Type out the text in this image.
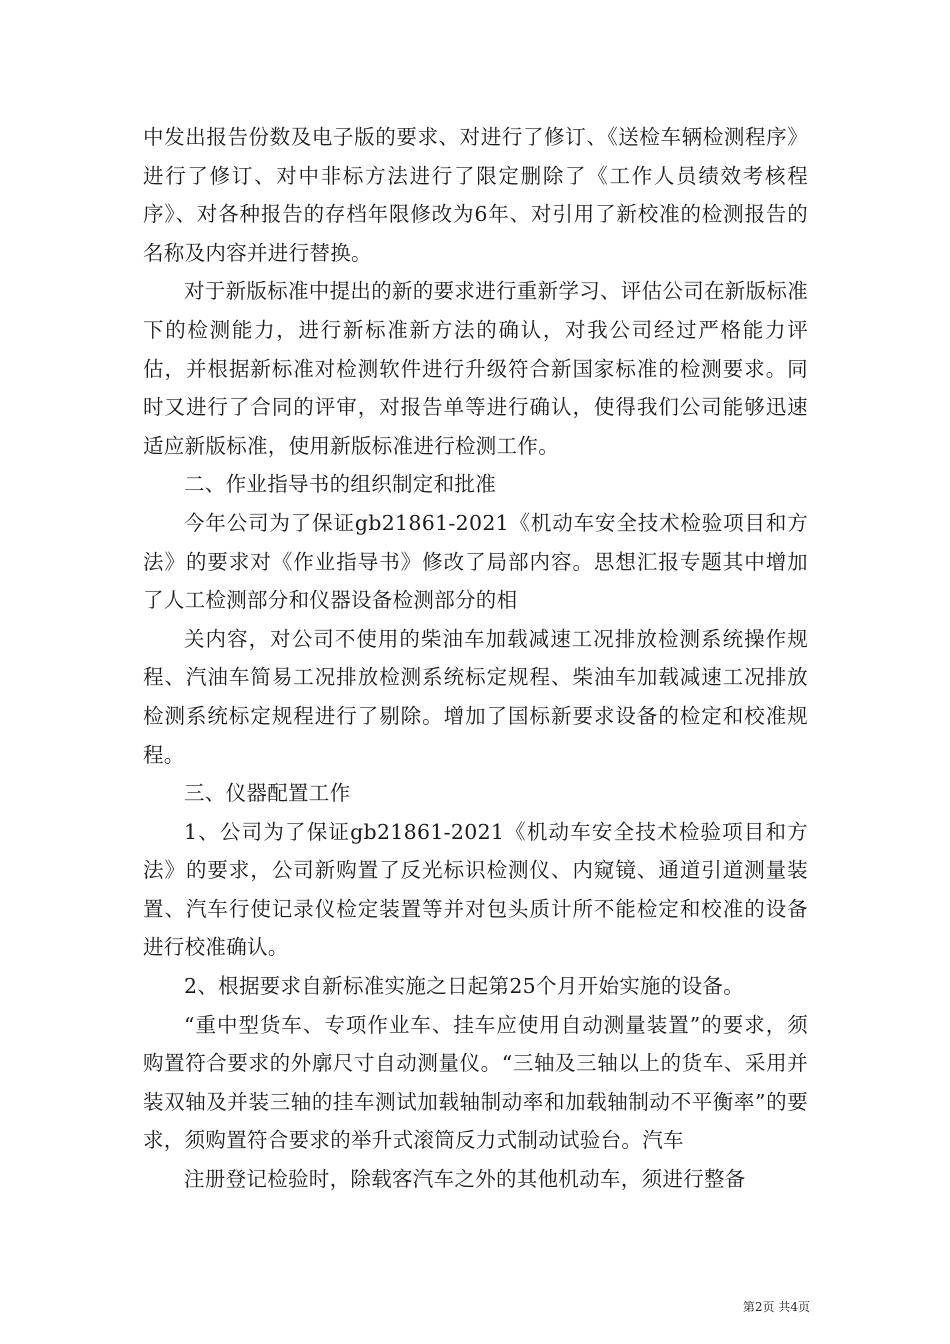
中发出报告份数及电子版的要求、对进行了修订、《送检车辆检测程序》进行了修订、对中非标方法进行了限定删除了《工作人员绩效考核程序》、对各种报告的存档年限修改为6年、对引用了新校准的检测报告的名称及内容并进行替换。

对于新版标准中提出的新的要求进行重新学习、评估公司在新版标准下的检测能力，进行新标准新方法的确认，对我公司经过严格能力评估，并根据新标准对检测软件进行升级符合新国家标准的检测要求。同时又进行了合同的评审，对报告单等进行确认，使得我们公司能够迅速适应新版标准，使用新版标准进行检测工作。

二、作业指导书的组织制定和批准

今年公司为了保证gb21861-2021《机动车安全技术检验项目和方法》的要求对《作业指导书》修改了局部内容。思想汇报专题其中增加了人工检测部分和仪器设备检测部分的相

关内容，对公司不使用的柴油车加载减速工况排放检测系统操作规程、汽油车简易工况排放检测系统标定规程、柴油车加载减速工况排放检测系统标定规程进行了剔除。增加了国标新要求设备的检定和校准规程。

三、仪器配置工作

1、公司为了保证gb21861-2021《机动车安全技术检验项目和方法》的要求，公司新购置了反光标识检测仪、内窥镜、通道引道测量装置、汽车行使记录仪检定装置等并对包头质计所不能检定和校准的设备进行校准确认。

2、根据要求自新标准实施之日起第25个月开始实施的设备。

“重中型货车、专项作业车、挂车应使用自动测量装置”的要求，须购置符合要求的外廓尺寸自动测量仪。“三轴及三轴以上的货车、采用并装双轴及并装三轴的挂车测试加载轴制动率和加载轴制动不平衡率”的要求，须购置符合要求的举升式滚筒反力式制动试验台。汽车

注册登记检验时，除载客汽车之外的其他机动车，须进行整备

第2页 共4页
